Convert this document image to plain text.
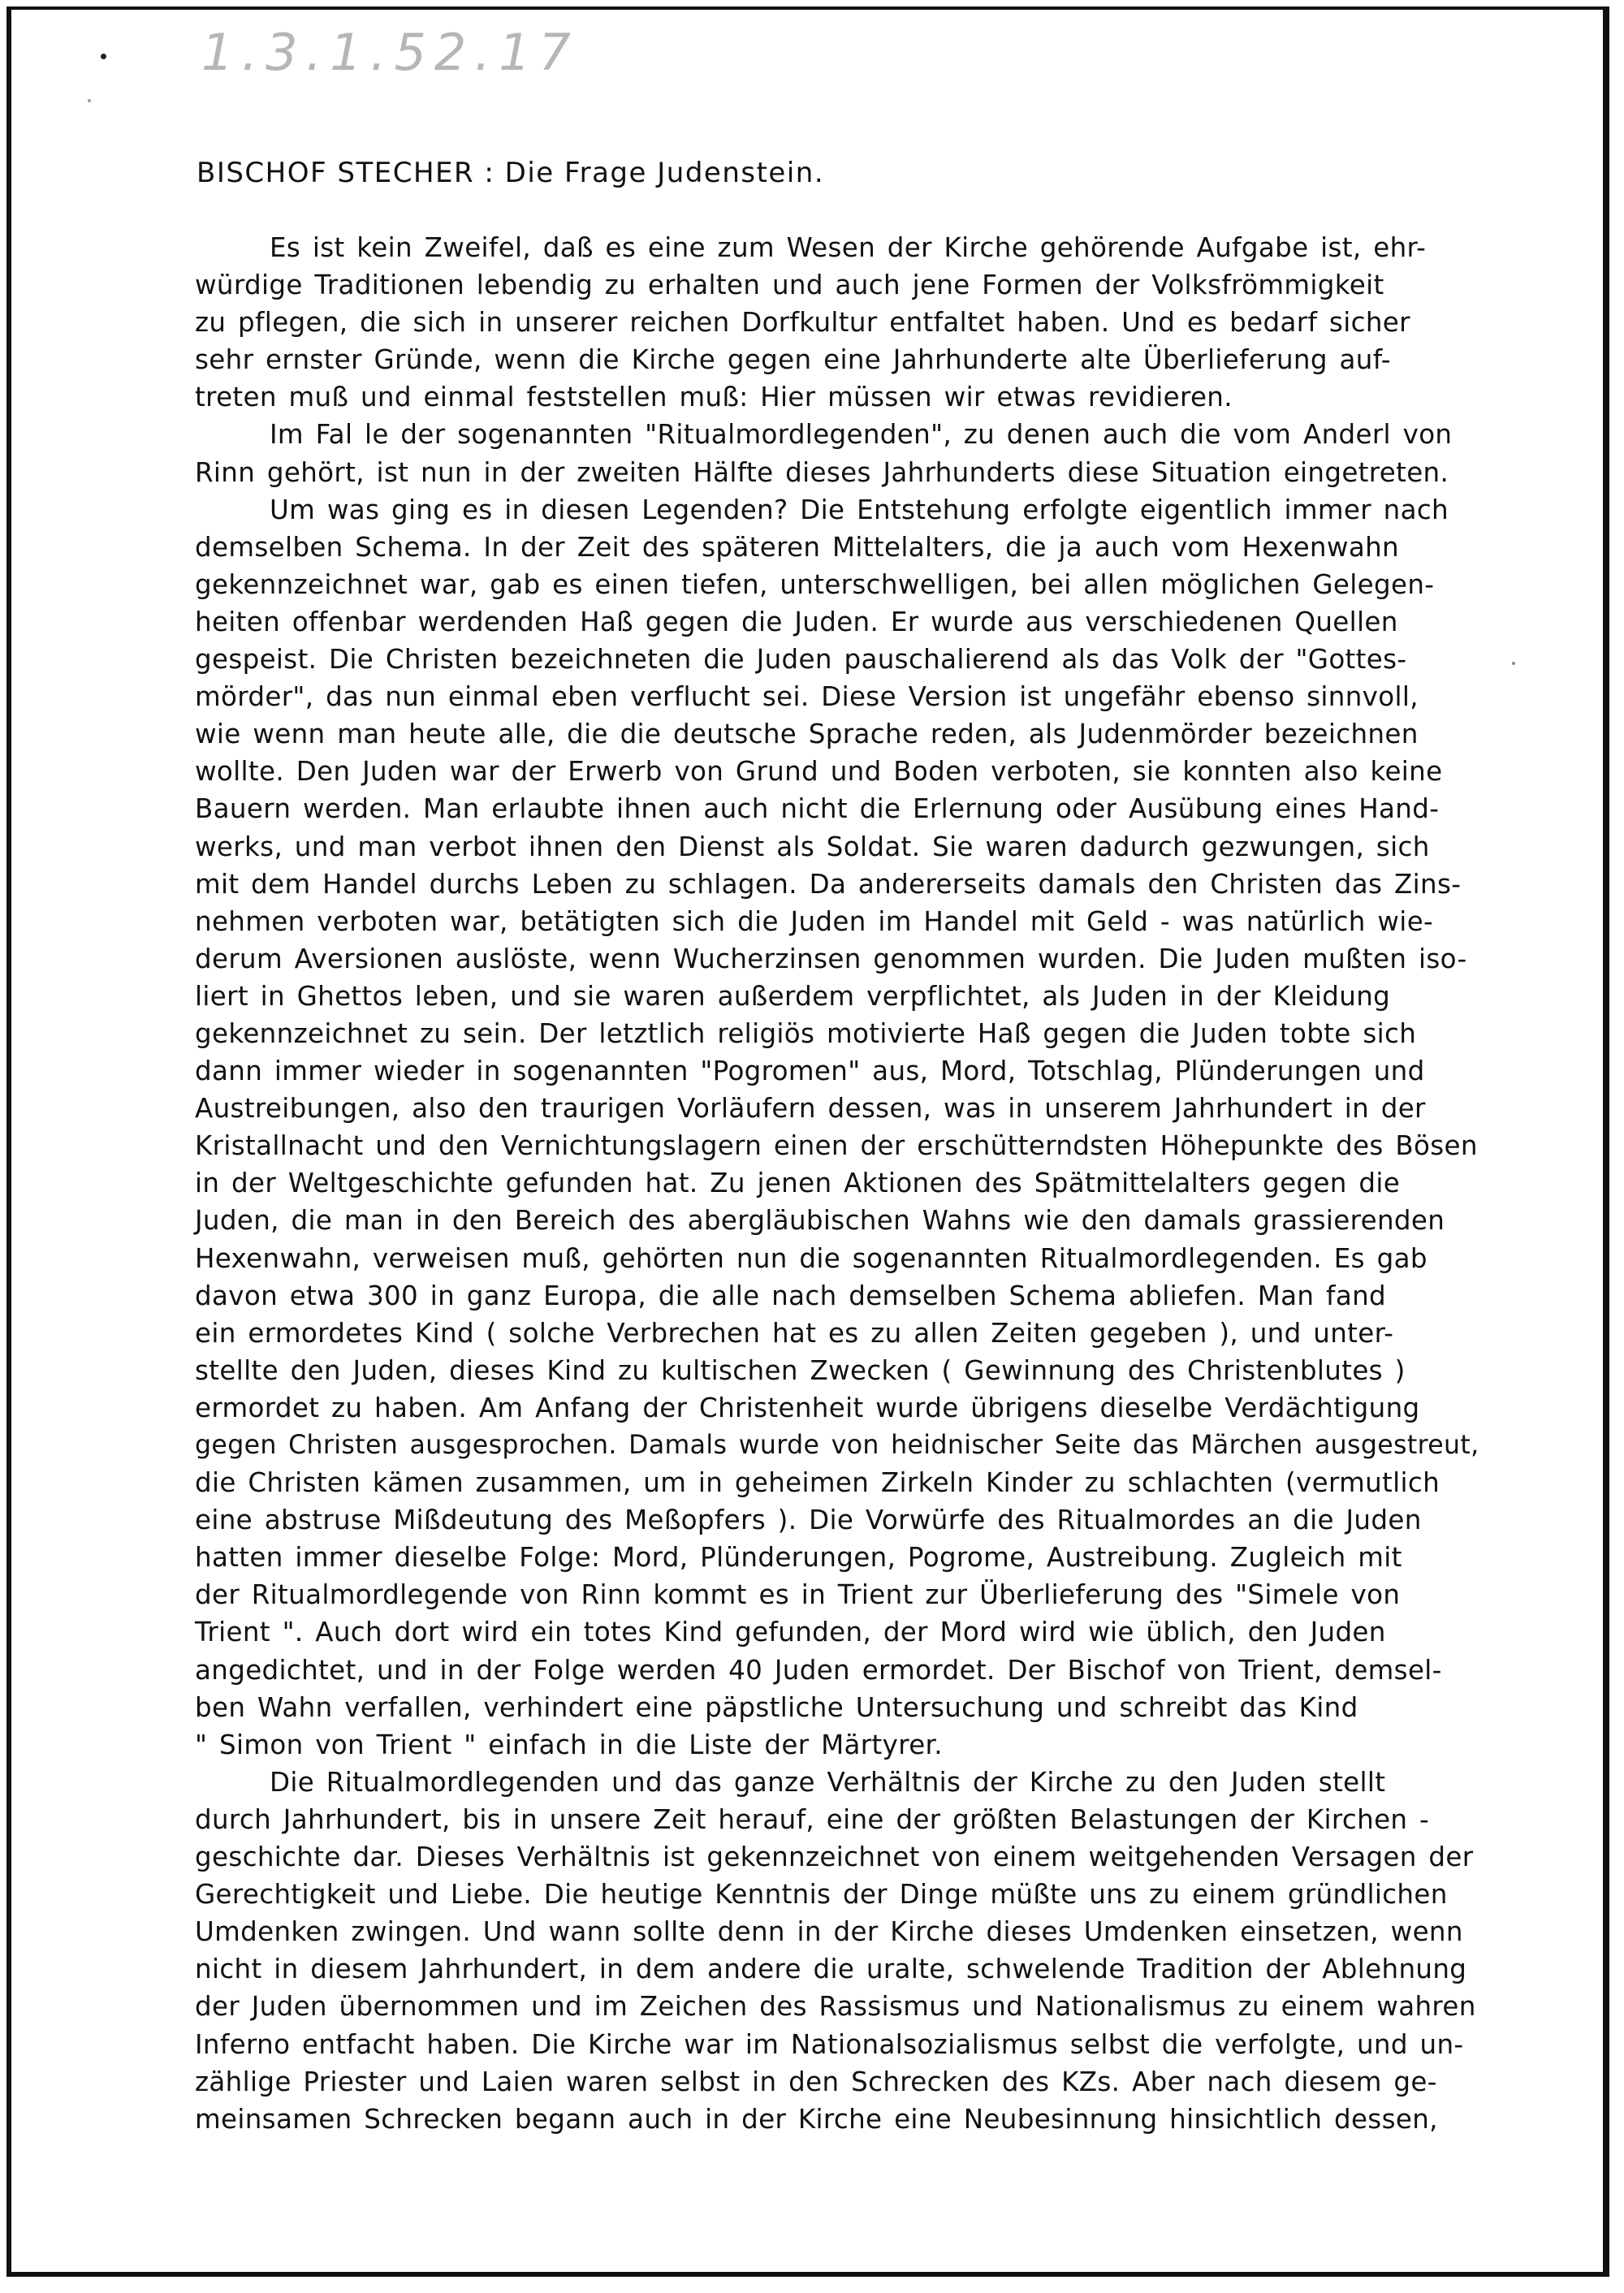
1.3.1.52.17
BISCHOF STECHER : Die Frage Judenstein.
Es ist kein Zweifel, daß es eine zum Wesen der Kirche gehörende Aufgabe ist, ehr-
würdige Traditionen lebendig zu erhalten und auch jene Formen der Volksfrömmigkeit
zu pflegen, die sich in unserer reichen Dorfkultur entfaltet haben. Und es bedarf sicher
sehr ernster Gründe, wenn die Kirche gegen eine Jahrhunderte alte Überlieferung auf-
treten muß und einmal feststellen muß: Hier müssen wir etwas revidieren.
Im Fal le der sogenannten "Ritualmordlegenden", zu denen auch die vom Anderl von
Rinn gehört, ist nun in der zweiten Hälfte dieses Jahrhunderts diese Situation eingetreten.
Um was ging es in diesen Legenden? Die Entstehung erfolgte eigentlich immer nach
demselben Schema. In der Zeit des späteren Mittelalters, die ja auch vom Hexenwahn
gekennzeichnet war, gab es einen tiefen, unterschwelligen, bei allen möglichen Gelegen-
heiten offenbar werdenden Haß gegen die Juden. Er wurde aus verschiedenen Quellen
gespeist. Die Christen bezeichneten die Juden pauschalierend als das Volk der "Gottes-
mörder", das nun einmal eben verflucht sei. Diese Version ist ungefähr ebenso sinnvoll,
wie wenn man heute alle, die die deutsche Sprache reden, als Judenmörder bezeichnen
wollte. Den Juden war der Erwerb von Grund und Boden verboten, sie konnten also keine
Bauern werden. Man erlaubte ihnen auch nicht die Erlernung oder Ausübung eines Hand-
werks, und man verbot ihnen den Dienst als Soldat. Sie waren dadurch gezwungen, sich
mit dem Handel durchs Leben zu schlagen. Da andererseits damals den Christen das Zins-
nehmen verboten war, betätigten sich die Juden im Handel mit Geld - was natürlich wie-
derum Aversionen auslöste, wenn Wucherzinsen genommen wurden. Die Juden mußten iso-
liert in Ghettos leben, und sie waren außerdem verpflichtet, als Juden in der Kleidung
gekennzeichnet zu sein. Der letztlich religiös motivierte Haß gegen die Juden tobte sich
dann immer wieder in sogenannten "Pogromen" aus, Mord, Totschlag, Plünderungen und
Austreibungen, also den traurigen Vorläufern dessen, was in unserem Jahrhundert in der
Kristallnacht und den Vernichtungslagern einen der erschütterndsten Höhepunkte des Bösen
in der Weltgeschichte gefunden hat. Zu jenen Aktionen des Spätmittelalters gegen die
Juden, die man in den Bereich des abergläubischen Wahns wie den damals grassierenden
Hexenwahn, verweisen muß, gehörten nun die sogenannten Ritualmordlegenden. Es gab
davon etwa 300 in ganz Europa, die alle nach demselben Schema abliefen. Man fand
ein ermordetes Kind ( solche Verbrechen hat es zu allen Zeiten gegeben ), und unter-
stellte den Juden, dieses Kind zu kultischen Zwecken ( Gewinnung des Christenblutes )
ermordet zu haben. Am Anfang der Christenheit wurde übrigens dieselbe Verdächtigung
gegen Christen ausgesprochen. Damals wurde von heidnischer Seite das Märchen ausgestreut,
die Christen kämen zusammen, um in geheimen Zirkeln Kinder zu schlachten (vermutlich
eine abstruse Mißdeutung des Meßopfers ). Die Vorwürfe des Ritualmordes an die Juden
hatten immer dieselbe Folge: Mord, Plünderungen, Pogrome, Austreibung. Zugleich mit
der Ritualmordlegende von Rinn kommt es in Trient zur Überlieferung des "Simele von
Trient ". Auch dort wird ein totes Kind gefunden, der Mord wird wie üblich, den Juden
angedichtet, und in der Folge werden 40 Juden ermordet. Der Bischof von Trient, demsel-
ben Wahn verfallen, verhindert eine päpstliche Untersuchung und schreibt das Kind
" Simon von Trient " einfach in die Liste der Märtyrer.
Die Ritualmordlegenden und das ganze Verhältnis der Kirche zu den Juden stellt
durch Jahrhundert, bis in unsere Zeit herauf, eine der größten Belastungen der Kirchen -
geschichte dar. Dieses Verhältnis ist gekennzeichnet von einem weitgehenden Versagen der
Gerechtigkeit und Liebe. Die heutige Kenntnis der Dinge müßte uns zu einem gründlichen
Umdenken zwingen. Und wann sollte denn in der Kirche dieses Umdenken einsetzen, wenn
nicht in diesem Jahrhundert, in dem andere die uralte, schwelende Tradition der Ablehnung
der Juden übernommen und im Zeichen des Rassismus und Nationalismus zu einem wahren
Inferno entfacht haben. Die Kirche war im Nationalsozialismus selbst die verfolgte, und un-
zählige Priester und Laien waren selbst in den Schrecken des KZs. Aber nach diesem ge-
meinsamen Schrecken begann auch in der Kirche eine Neubesinnung hinsichtlich dessen,
